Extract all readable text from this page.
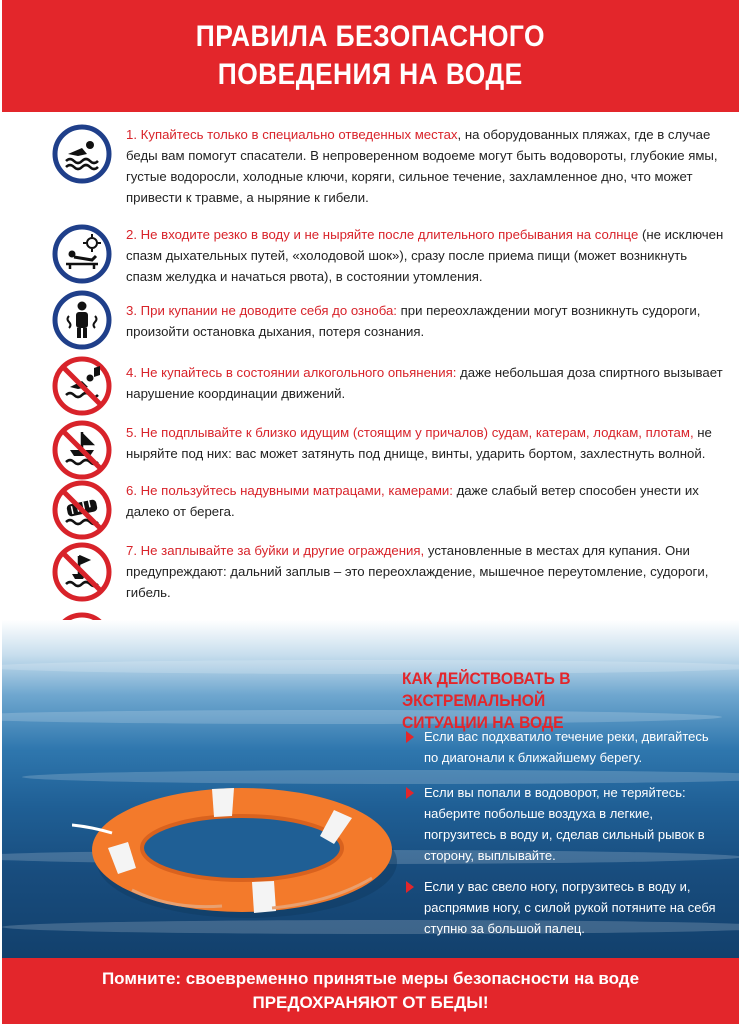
ПРАВИЛА БЕЗОПАСНОГО
ПОВЕДЕНИЯ НА ВОДЕ
1. Купайтесь только в специально отведенных местах, на оборудованных пляжах, где в случае беды вам помогут спасатели. В непроверенном водоеме могут быть водовороты, глубокие ямы, густые водоросли, холодные ключи, коряги, сильное течение, захламленное дно, что может привести к травме, а ныряние к гибели.
2. Не входите резко в воду и не ныряйте после длительного пребывания на солнце (не исключен спазм дыхательных путей, «холодовой шок»), сразу после приема пищи (может возникнуть спазм желудка и начаться рвота), в состоянии утомления.
3. При купании не доводите себя до озноба: при переохлаждении могут возникнуть судороги, произойти остановка дыхания, потеря сознания.
4. Не купайтесь в состоянии алкогольного опьянения: даже небольшая доза спиртного вызывает нарушение координации движений.
5. Не подплывайте к близко идущим (стоящим у причалов) судам, катерам, лодкам, плотам, не ныряйте под них: вас может затянуть под днище, винты, ударить бортом, захлестнуть волной.
6. Не пользуйтесь надувными матрацами, камерами: даже слабый ветер способен унести их далеко от берега.
7. Не заплывайте за буйки и другие ограждения, установленные в местах для купания. Они предупреждают: дальний заплыв – это переохлаждение, мышечное переутомление, судороги, гибель.
КАК ДЕЙСТВОВАТЬ В ЭКСТРЕМАЛЬНОЙ
СИТУАЦИИ НА ВОДЕ
Если вас подхватило течение реки, двигайтесь по диагонали к ближайшему берегу.
Если вы попали в водоворот, не теряйтесь: наберите побольше воздуха в легкие, погрузитесь в воду и, сделав сильный рывок в сторону, выплывайте.
Если у вас свело ногу, погрузитесь в воду и, распрямив ногу, с силой рукой потяните на себя ступню за большой палец.
Помните: своевременно принятые меры безопасности на воде
ПРЕДОХРАНЯЮТ ОТ БЕДЫ!
